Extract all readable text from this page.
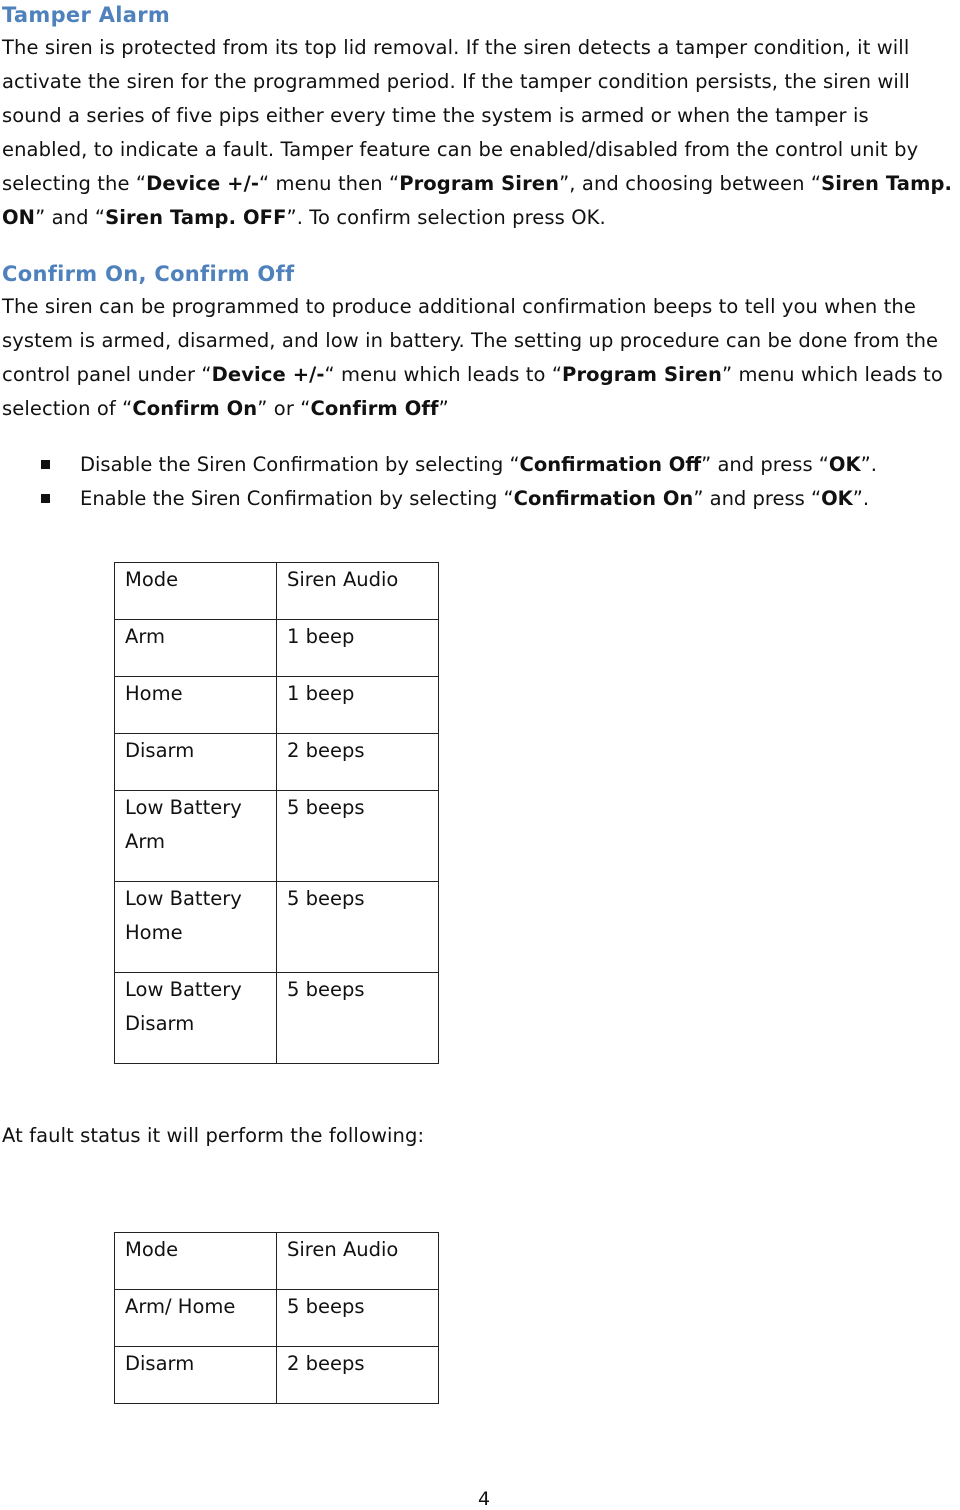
Tamper Alarm

The siren is protected from its top lid removal. If the siren detects a tamper condition, it will activate the siren for the programmed period. If the tamper condition persists, the siren will sound a series of five pips either every time the system is armed or when the tamper is enabled, to indicate a fault. Tamper feature can be enabled/disabled from the control unit by selecting the “Device +/-“ menu then “Program Siren”, and choosing between “Siren Tamp. ON” and “Siren Tamp. OFF”. To confirm selection press OK.

Confirm On, Confirm Off

The siren can be programmed to produce additional confirmation beeps to tell you when the system is armed, disarmed, and low in battery. The setting up procedure can be done from the control panel under “Device +/-“ menu which leads to “Program Siren” menu which leads to selection of “Confirm On” or “Confirm Off”

Disable the Siren Confirmation by selecting “Confirmation Off” and press “OK”.
Enable the Siren Confirmation by selecting “Confirmation On” and press “OK”.
Mode	Siren Audio
Arm	1 beep
Home	1 beep
Disarm	2 beeps
Low Battery Arm	5 beeps
Low Battery Home	5 beeps
Low Battery Disarm	5 beeps

At fault status it will perform the following:

Mode	Siren Audio
Arm/ Home	5 beeps
Disarm	2 beeps

4
